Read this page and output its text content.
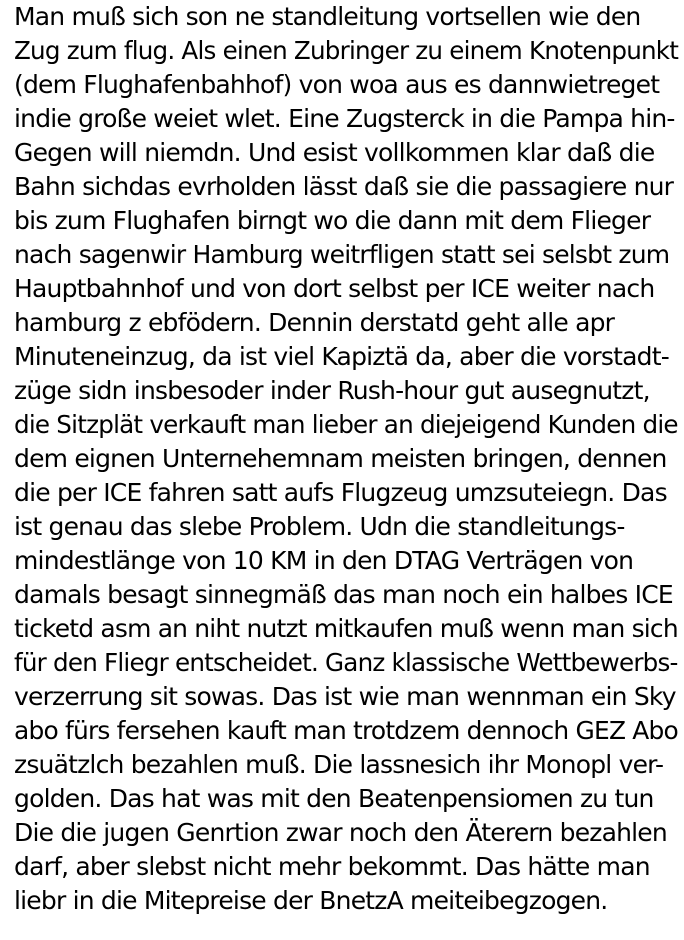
Man muß sich son ne standleitung vortsellen wie den
Zug zum flug. Als einen Zubringer zu einem Knotenpunkt
(dem Flughafenbahhof) von woa aus es dannwietreget
indie große weiet wlet. Eine Zugsterck in die Pampa hin-
Gegen will niemdn. Und esist vollkommen klar daß die
Bahn sichdas evrholden lässt daß sie die passagiere nur
bis zum Flughafen birngt wo die dann mit dem Flieger
nach sagenwir Hamburg weitrfligen statt sei selsbt zum
Hauptbahnhof und von dort selbst per ICE weiter nach
hamburg z ebfödern. Dennin derstatd geht alle apr
Minuteneinzug, da ist viel Kapiztä da, aber die vorstadt-
züge sidn insbesoder inder Rush-hour gut ausegnutzt,
die Sitzplät verkauft man lieber an diejeigend Kunden die
dem eignen Unternehemnam meisten bringen, dennen
die per ICE fahren satt aufs Flugzeug umzsuteiegn. Das
ist genau das slebe Problem. Udn die standleitungs-
mindestlänge von 10 KM in den DTAG Verträgen von
damals besagt sinnegmäß das man noch ein halbes ICE
ticketd asm an niht nutzt mitkaufen muß wenn man sich
für den Fliegr entscheidet. Ganz klassische Wettbewerbs-
verzerrung sit sowas. Das ist wie man wennman ein Sky
abo fürs fersehen kauft man trotdzem dennoch GEZ Abo
zsuätzlch bezahlen muß. Die lassnesich ihr Monopl ver-
golden. Das hat was mit den Beatenpensiomen zu tun
Die die jugen Genrtion zwar noch den Äterern bezahlen
darf, aber slebst nicht mehr bekommt. Das hätte man
liebr in die Mitepreise der BnetzA meiteibegzogen.
